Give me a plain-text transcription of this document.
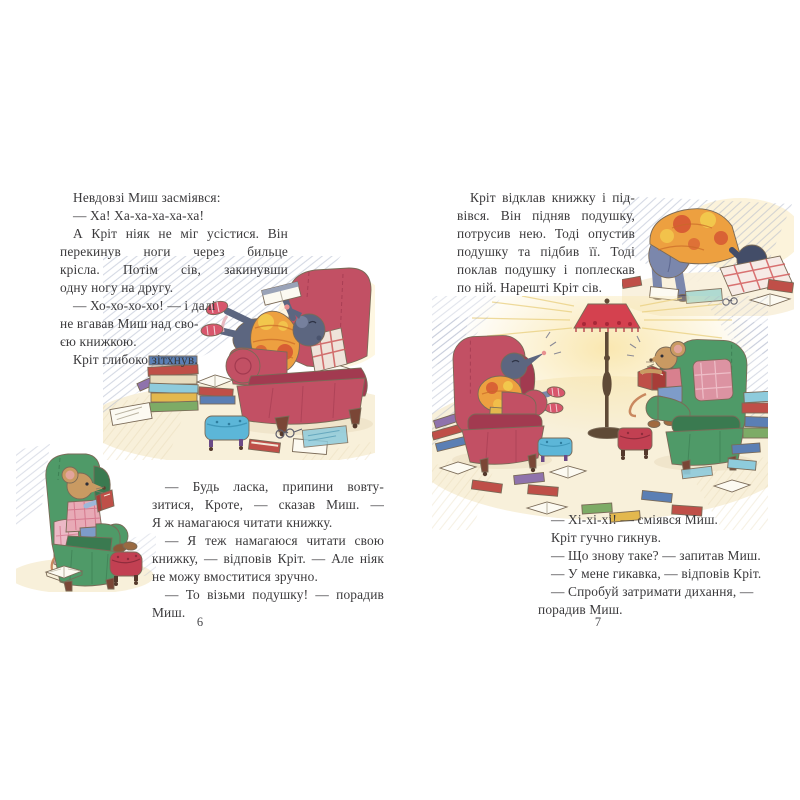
Невдовзі Миш засміявся:
— Ха! Ха-ха-ха-ха-ха!
А Кріт ніяк не міг усістися. Він
перекинув ноги через бильце
крісла. Потім сів, закинувши
одну ногу на другу.
— Хо-хо-хо-хо! — і далі
не вгавав Миш над сво-
єю книжкою.
Кріт глибоко зітхнув.
— Будь ласка, припини вовту-
зитися, Кроте, — сказав Миш. —
Я ж намагаюся читати книжку.
— Я теж намагаюся читати свою
книжку, — відповів Кріт. — Але ніяк
не можу вмоститися зручно.
— То візьми подушку! — порадив
Миш.
6
Кріт відклав книжку і під-
вівся. Він підняв подушку,
потрусив нею. Тоді опустив
подушку та підбив її. Тоді
поклав подушку і поплескав
по ній. Нарешті Кріт сів.
— Хі-хі-хі! — сміявся Миш.
Кріт гучно гикнув.
— Що знову таке? — запитав Миш.
— У мене гикавка, — відповів Кріт.
— Спробуй затримати дихання, —
порадив Миш.
7
